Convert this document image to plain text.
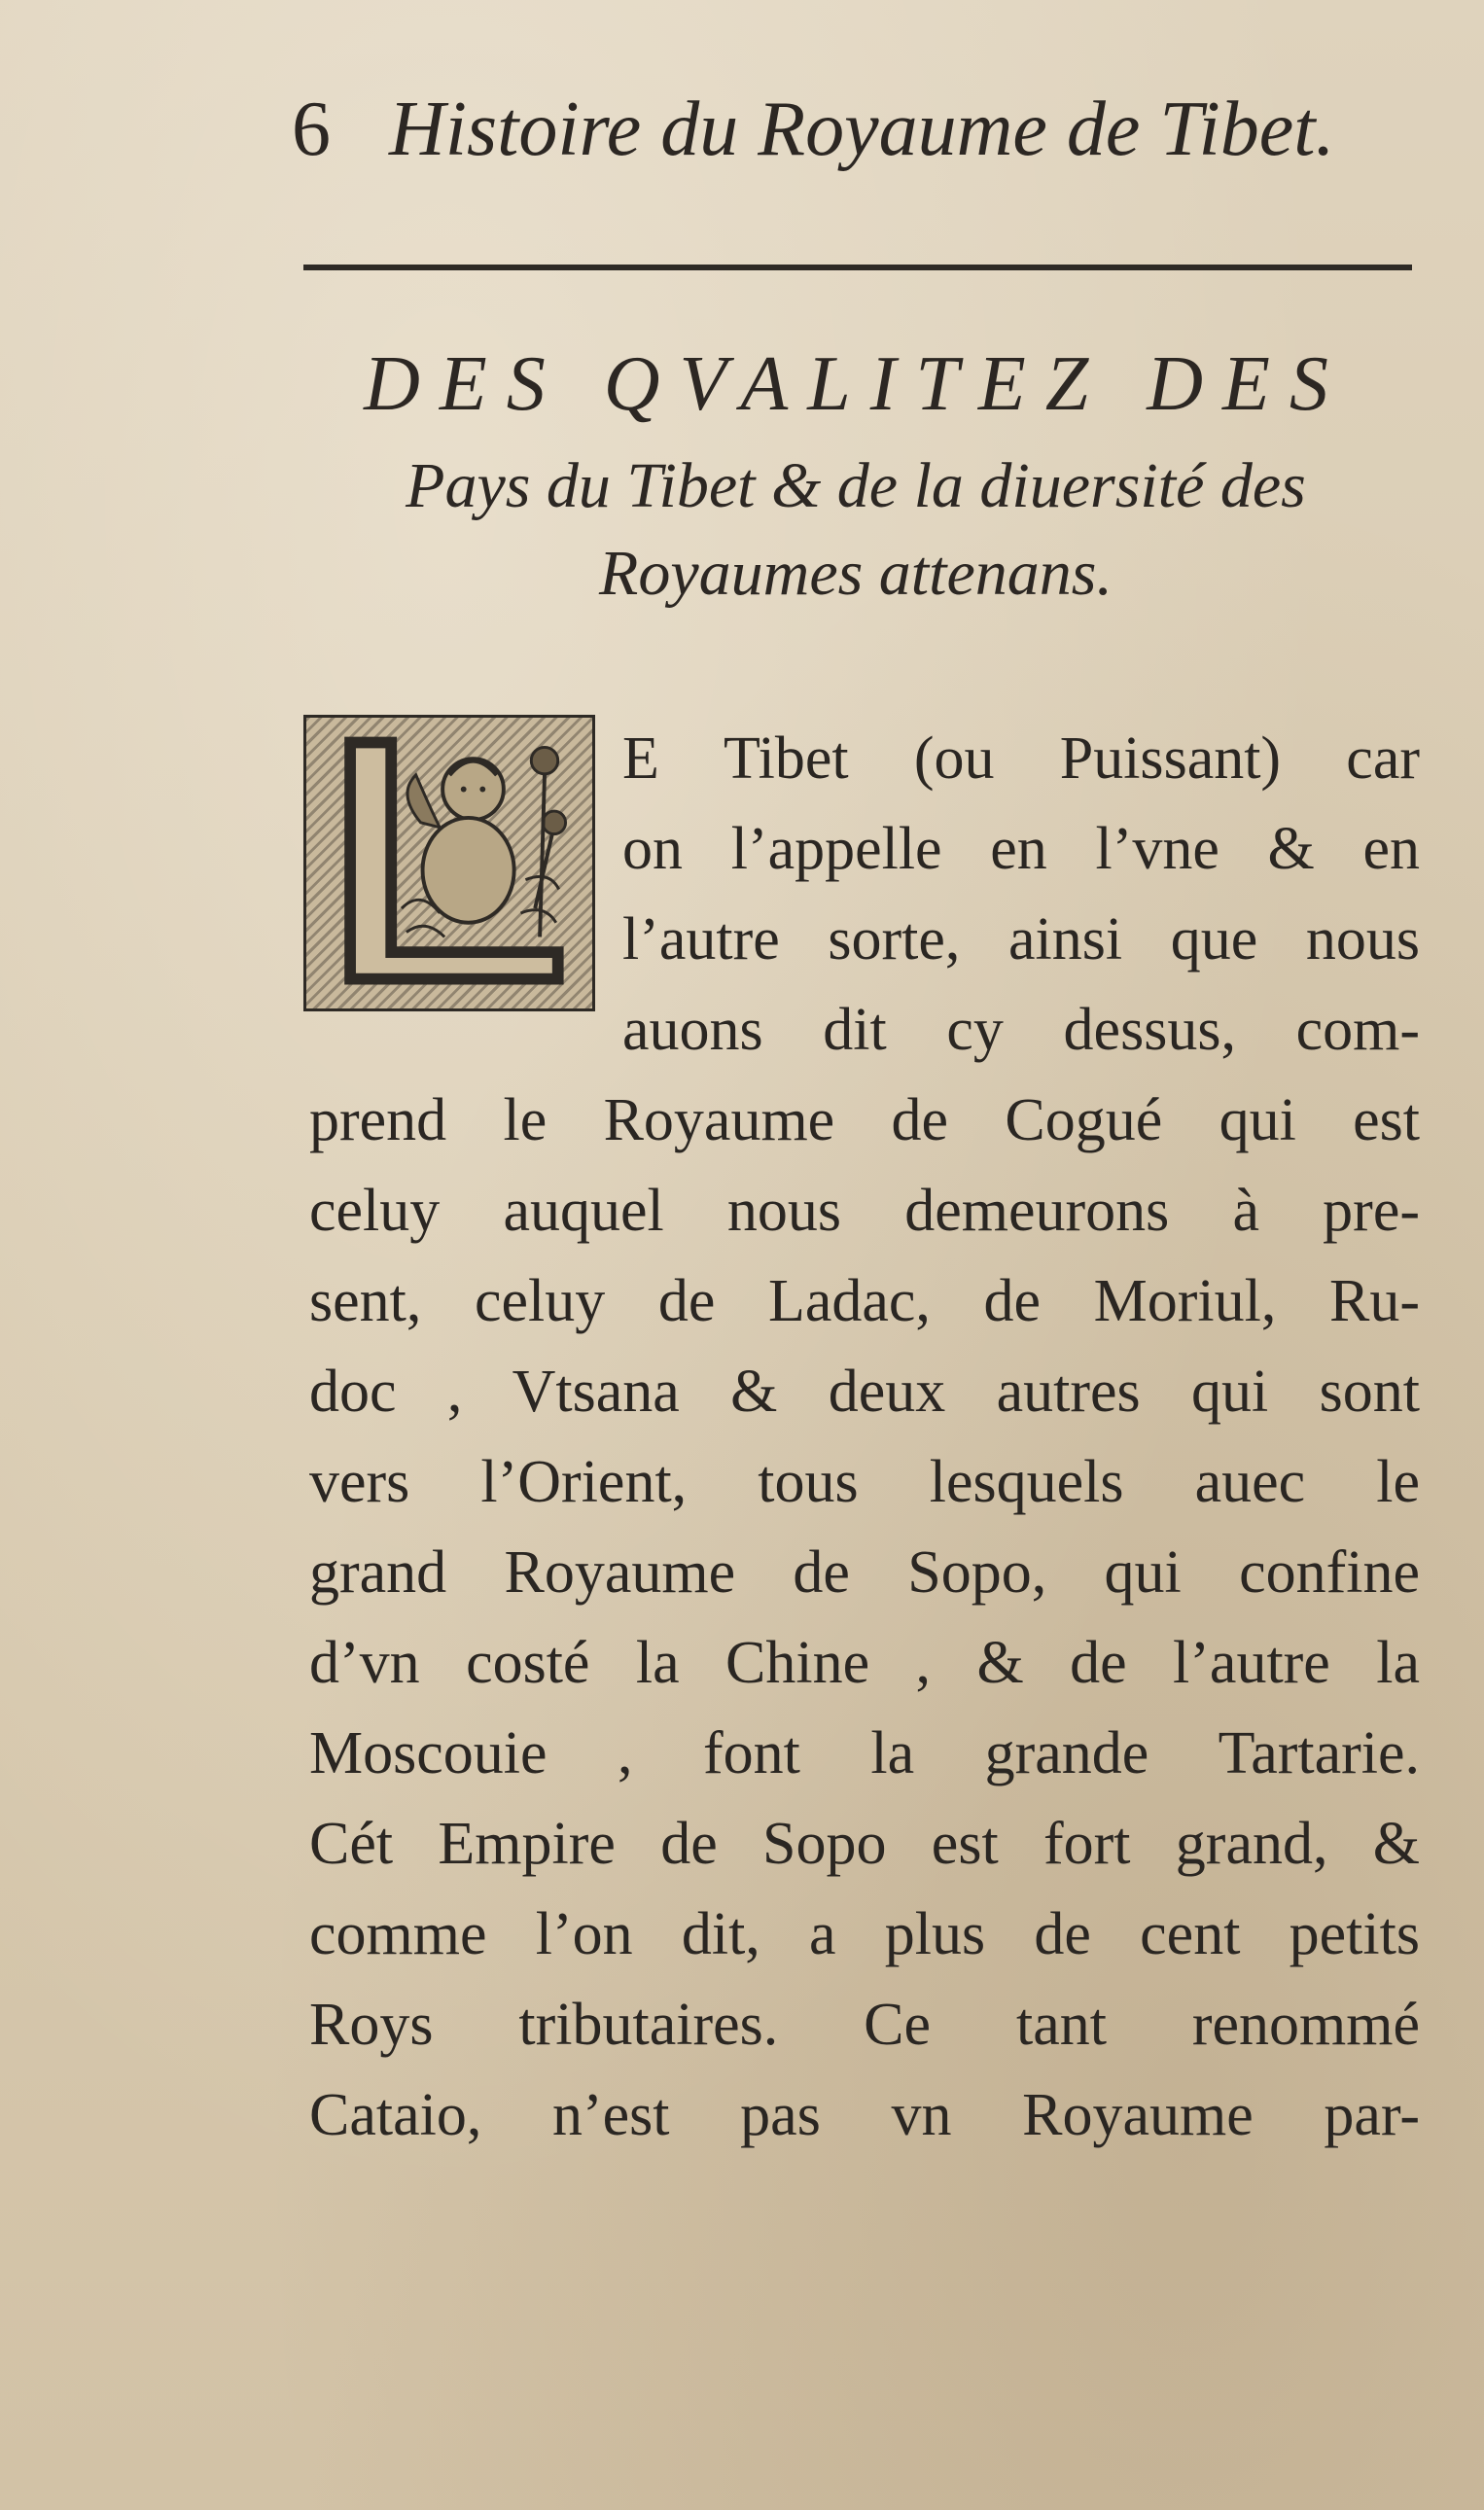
6 Histoire du Royaume de Tibet.
DES QVALITEZ DES
Pays du Tibet & de la diuersité des
Royaumes attenans.
E Tibet (ou Puissant) car
on l’appelle en l’vne & en
l’autre sorte, ainsi que nous
auons dit cy dessus, com-
prend le Royaume de Cogué qui est
celuy auquel nous demeurons à pre-
sent, celuy de Ladac, de Moriul, Ru-
doc , Vtsana & deux autres qui sont
vers l’Orient, tous lesquels auec le
grand Royaume de Sopo, qui confine
d’vn costé la Chine , & de l’autre la
Moscouie , font la grande Tartarie.
Cét Empire de Sopo est fort grand, &
comme l’on dit, a plus de cent petits
Roys tributaires. Ce tant renommé
Cataio, n’est pas vn Royaume par-
